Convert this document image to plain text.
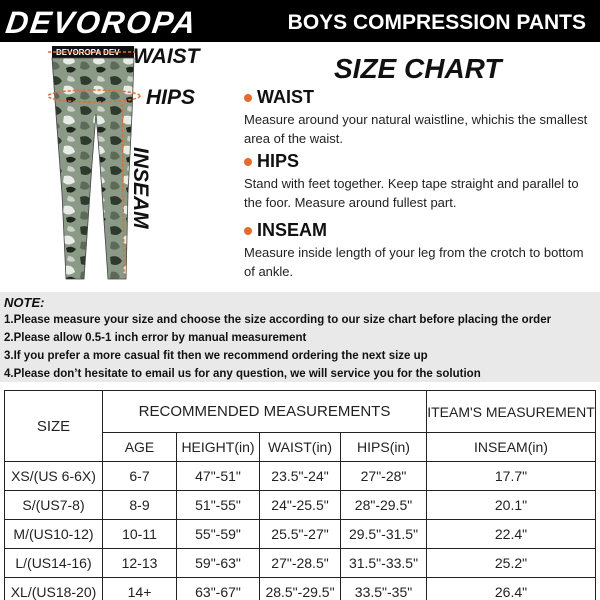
DEVOROPA	BOYS COMPRESSION PANTS
DEVOROPA DEV WAIST
HIPS
INSEAM
SIZE CHART
WAIST
Measure around your natural waistline, whichis the smallest area of the waist.
HIPS
Stand with feet together. Keep tape straight and parallel to the foor. Measure around fullest part.
INSEAM
Measure inside length of your leg from the crotch to bottom of ankle.
NOTE:
1.Please measure your size and choose the size according to our size chart before placing the order
2.Please allow 0.5-1 inch error by manual measurement
3.If you prefer a more casual fit then we recommend ordering the next size up
4.Please don’t hesitate to email us for any question, we will service you for the solution
SIZE	RECOMMENDED MEASUREMENTS				ITEAM'S MEASUREMENT
	AGE	HEIGHT(in)	WAIST(in)	HIPS(in)	INSEAM(in)
XS/(US 6-6X)	6-7	47"-51"	23.5"-24"	27"-28"	17.7"
S/(US7-8)	8-9	51"-55"	24"-25.5"	28"-29.5"	20.1"
M/(US10-12)	10-11	55"-59"	25.5"-27"	29.5"-31.5"	22.4"
L/(US14-16)	12-13	59"-63"	27"-28.5"	31.5"-33.5"	25.2"
XL/(US18-20)	14+	63"-67"	28.5"-29.5"	33.5"-35"	26.4"
